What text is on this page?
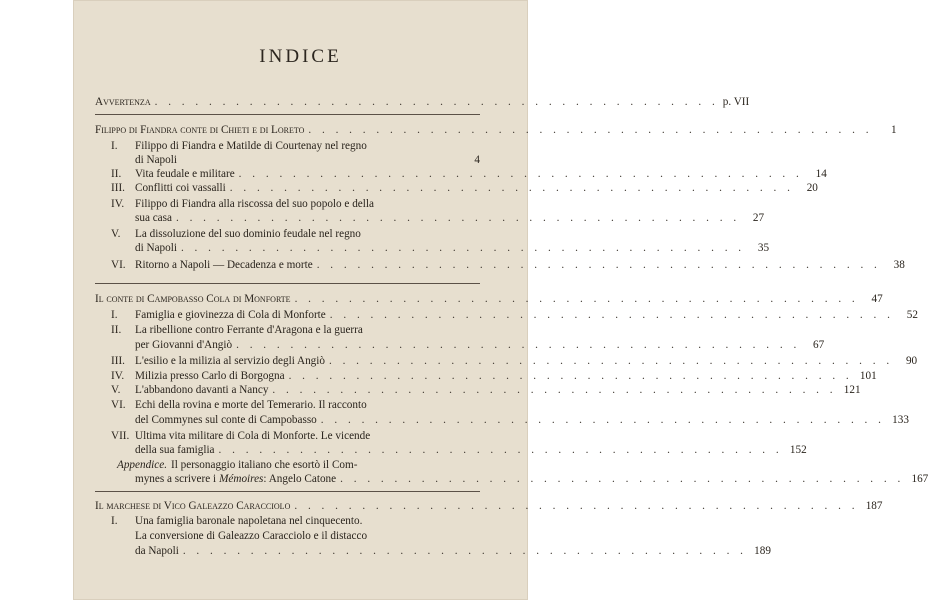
INDICE
Avvertenza . . . . . . . . . . . . . . . . . . . . . . . . . . . . . . . . . . . . . . . . . . p. VII
Filippo di Fiandra conte di Chieti e di Loreto . . . . . . . . . . . . . . . . . . . . . . . . . . . . . . . . . . . . . . . . . .	1
I.	Filippo di Fiandra e Matilde di Courtenay nel regno
di Napoli	4
II.	Vita feudale e militare . . . . . . . . . . . . . . . . . . . . . . . . . . . . . . . . . . . . . . . . . .	14
III. Conflitti coi vassalli . . . . . . . . . . . . . . . . . . . . . . . . . . . . . . . . . . . . . . . . . .	20
IV. Filippo di Fiandra alla riscossa del suo popolo e della
sua casa . . . . . . . . . . . . . . . . . . . . . . . . . . . . . . . . . . . . . . . . . .	27
V.	La dissoluzione del suo dominio feudale nel regno
di Napoli . . . . . . . . . . . . . . . . . . . . . . . . . . . . . . . . . . . . . . . . . .	35
VI. Ritorno a Napoli — Decadenza e morte . . . . . . . . . . . . . . . . . . . . . . . . . . . . . . . . . . . . . . . . . .	38
Il conte di Campobasso Cola di Monforte . . . . . . . . . . . . . . . . . . . . . . . . . . . . . . . . . . . . . . . . . .	47
I.	Famiglia e giovinezza di Cola di Monforte . . . . . . . . . . . . . . . . . . . . . . . . . . . . . . . . . . . . . . . . . .	52
II.	La ribellione contro Ferrante d'Aragona e la guerra
per Giovanni d'Angiò . . . . . . . . . . . . . . . . . . . . . . . . . . . . . . . . . . . . . . . . . .	67
III. L'esilio e la milizia al servizio degli Angiò . . . . . . . . . . . . . . . . . . . . . . . . . . . . . . . . . . . . . . . . . .	90
IV. Milizia presso Carlo di Borgogna . . . . . . . . . . . . . . . . . . . . . . . . . . . . . . . . . . . . . . . . . . 101
V.	L'abbandono davanti a Nancy . . . . . . . . . . . . . . . . . . . . . . . . . . . . . . . . . . . . . . . . . . 121
VI. Echi della rovina e morte del Temerario. Il racconto
del Commynes sul conte di Campobasso . . . . . . . . . . . . . . . . . . . . . . . . . . . . . . . . . . . . . . . . . . 133
VII. Ultima vita militare di Cola di Monforte. Le vicende
della sua famiglia . . . . . . . . . . . . . . . . . . . . . . . . . . . . . . . . . . . . . . . . . . 152
Appendice. Il personaggio italiano che esortò il Com-
mynes a scrivere i Mémoires : Angelo Catone . . . . . . . . . . . . . . . . . . . . . . . . . . . . . . . . . . . . . . . . . . 167
Il marchese di Vico Galeazzo Caracciolo . . . . . . . . . . . . . . . . . . . . . . . . . . . . . . . . . . . . . . . . . . 187
I.	Una famiglia baronale napoletana nel cinquecento.
La conversione di Galeazzo Caracciolo e il distacco
da Napoli . . . . . . . . . . . . . . . . . . . . . . . . . . . . . . . . . . . . . . . . . . 189
